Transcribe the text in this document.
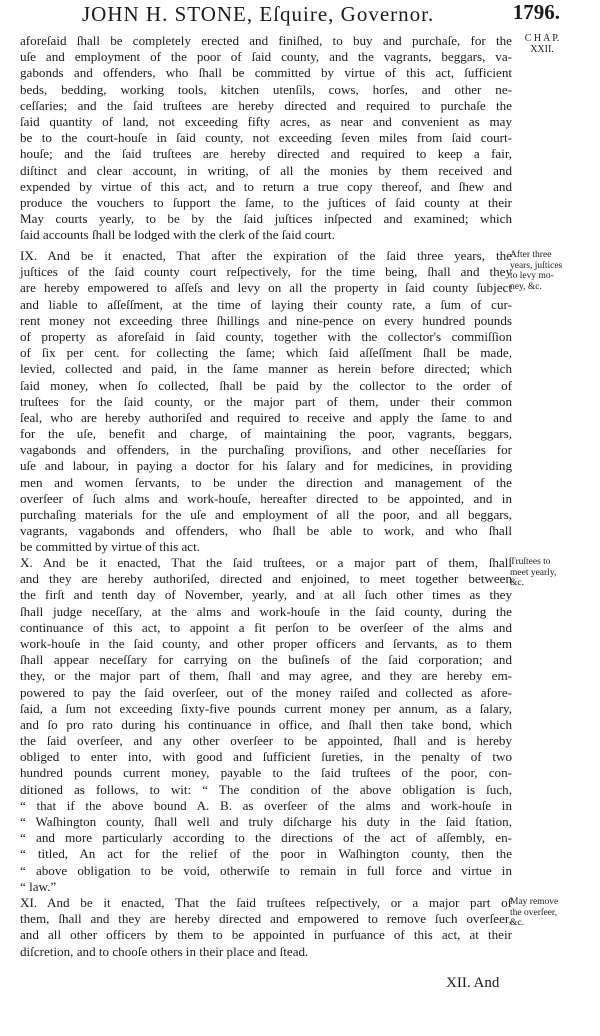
JOHN H. STONE, Eſquire, Governor.	1796.
C H A P.
XXII.
aforeſaid ſhall be completely erected and finiſhed, to buy and purchaſe, for the
uſe and employment of the poor of ſaid county, and the vagrants, beggars, va-
gabonds and offenders, who ſhall be committed by virtue of this act, ſufficient
beds, bedding, working tools, kitchen utenſils, cows, horſes, and other ne-
ceſſaries; and the ſaid truſtees are hereby directed and required to purchaſe the
ſaid quantity of land, not exceeding fifty acres, as near and convenient as may
be to the court-houſe in ſaid county, not exceeding ſeven miles from ſaid court-
houſe; and the ſaid truſtees are hereby directed and required to keep a fair,
diſtinct and clear account, in writing, of all the monies by them received and
expended by virtue of this act, and to return a true copy thereof, and ſhew and
produce the vouchers to ſupport the ſame, to the juſtices of ſaid county at their
May courts yearly, to be by the ſaid juſtices inſpected and examined; which
ſaid accounts ſhall be lodged with the clerk of the ſaid court.
IX. And be it enacted, That after the expiration of the ſaid three years, the
juſtices of the ſaid county court reſpectively, for the time being, ſhall and they
are hereby empowered to aſſeſs and levy on all the property in ſaid county ſubject
and liable to aſſeſſment, at the time of laying their county rate, a ſum of cur-
rent money not exceeding three ſhillings and nine-pence on every hundred pounds
of property as aforeſaid in ſaid county, together with the collector's commiſſion
of ſix per cent. for collecting the ſame; which ſaid aſſeſſment ſhall be made,
levied, collected and paid, in the ſame manner as herein before directed; which
ſaid money, when ſo collected, ſhall be paid by the collector to the order of
truſtees for the ſaid county, or the major part of them, under their common
ſeal, who are hereby authoriſed and required to receive and apply the ſame to and
for the uſe, benefit and charge, of maintaining the poor, vagrants, beggars,
vagabonds and offenders, in the purchaſing proviſions, and other neceſſaries for
uſe and labour, in paying a doctor for his ſalary and for medicines, in providing
men and women ſervants, to be under the direction and management of the
overſeer of ſuch alms and work-houſe, hereafter directed to be appointed, and in
purchaſing materials for the uſe and employment of all the poor, and all beggars,
vagrants, vagabonds and offenders, who ſhall be able to work, and who ſhall
be committed by virtue of this act.
X. And be it enacted, That the ſaid truſtees, or a major part of them, ſhall
and they are hereby authoriſed, directed and enjoined, to meet together between
the firſt and tenth day of November, yearly, and at all ſuch other times as they
ſhall judge neceſſary, at the alms and work-houſe in the ſaid county, during the
continuance of this act, to appoint a fit perſon to be overſeer of the alms and
work-houſe in the ſaid county, and other proper officers and ſervants, as to them
ſhall appear neceſſary for carrying on the buſineſs of the ſaid corporation; and
they, or the major part of them, ſhall and may agree, and they are hereby em-
powered to pay the ſaid overſeer, out of the money raiſed and collected as afore-
ſaid, a ſum not exceeding ſixty-five pounds current money per annum, as a ſalary,
and ſo pro rato during his continuance in office, and ſhall then take bond, which
the ſaid overſeer, and any other overſeer to be appointed, ſhall and is hereby
obliged to enter into, with good and ſufficient ſureties, in the penalty of two
hundred pounds current money, payable to the ſaid truſtees of the poor, con-
ditioned as follows, to wit: “ The condition of the above obligation is ſuch,
“ that if the above bound A. B. as overſeer of the alms and work-houſe in
“ Waſhington county, ſhall well and truly diſcharge his duty in the ſaid ſtation,
“ and more particularly according to the directions of the act of aſſembly, en-
“ titled, An act for the relief of the poor in Waſhington county, then the
“ above obligation to be void, otherwiſe to remain in full force and virtue in
“ law.”
XI. And be it enacted, That the ſaid truſtees reſpectively, or a major part of
them, ſhall and they are hereby directed and empowered to remove ſuch overſeer,
and all other officers by them to be appointed in purſuance of this act, at their
diſcretion, and to chooſe others in their place and ſtead.
After three
years, juſtices
to levy mo-
ney, &c.
Truſtees to
meet yearly,
&c.
May remove
the overſeer,
&c.
XII. And
